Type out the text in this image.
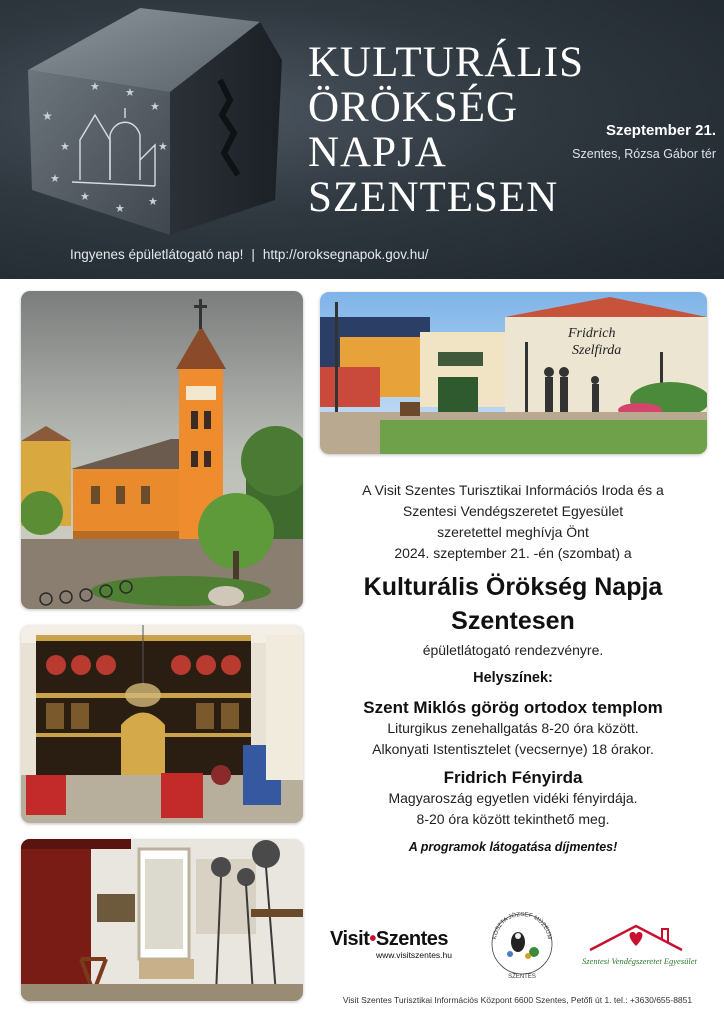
★
★
★
★
★
★
★
★
★
★
KULTURÁLIS
ÖRÖKSÉG
NAPJA
SZENTESEN
Szeptember 21.
Szentes, Rózsa Gábor tér
Ingyenes épületlátogató nap! | http://oroksegnapok.gov.hu/
Fridrich
Szelfirda
A Visit Szentes Turisztikai Információs Iroda és a
Szentesi Vendégszeretet Egyesület
szeretettel meghívja Önt
2024. szeptember 21. -én (szombat) a
Kulturális Örökség Napja
Szentesen
épületlátogató rendezvényre.
Helyszínek:
Szent Miklós görög ortodox templom
Liturgikus zenehallgatás 8-20 óra között.
Alkonyati Istentisztelet (vecsernye) 18 órakor.
Fridrich Fényirda
Magyaroszág egyetlen vidéki fényirdája.
8-20 óra között tekinthető meg.
A programok látogatása díjmentes!
Visit•Szentes
www.visitszentes.hu
KOSZTA JÓZSEF MÚZEUM
SZENTES
Szentesi Vendégszeretet Egyesület
Visit Szentes Turisztikai Információs Központ 6600 Szentes, Petőfi út 1. tel.: +3630/655-8851
